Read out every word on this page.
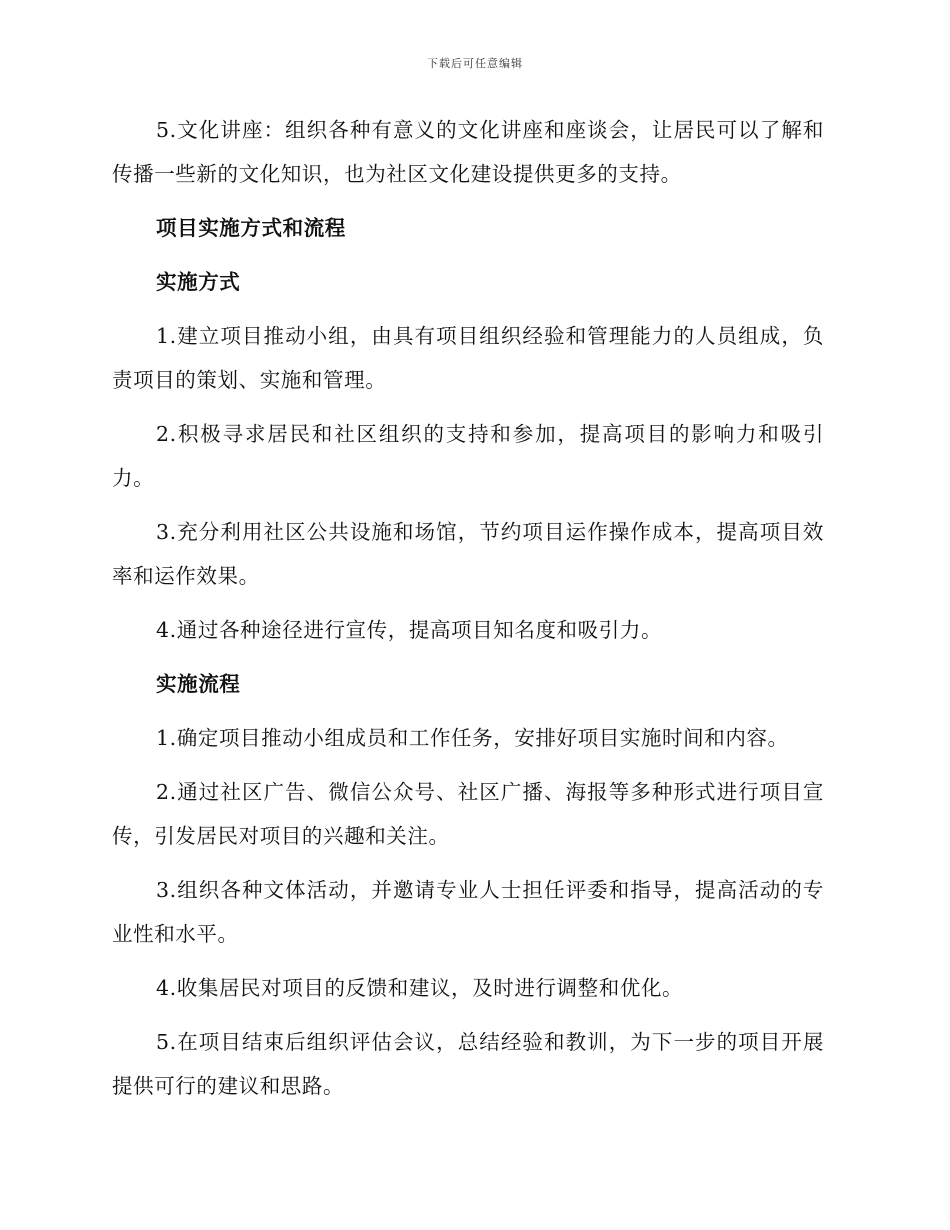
下载后可任意编辑

5.文化讲座：组织各种有意义的文化讲座和座谈会，让居民可以了解和传播一些新的文化知识，也为社区文化建设提供更多的支持。

项目实施方式和流程

实施方式

1.建立项目推动小组，由具有项目组织经验和管理能力的人员组成，负责项目的策划、实施和管理。

2.积极寻求居民和社区组织的支持和参加，提高项目的影响力和吸引力。

3.充分利用社区公共设施和场馆，节约项目运作操作成本，提高项目效率和运作效果。

4.通过各种途径进行宣传，提高项目知名度和吸引力。

实施流程

1.确定项目推动小组成员和工作任务，安排好项目实施时间和内容。

2.通过社区广告、微信公众号、社区广播、海报等多种形式进行项目宣传，引发居民对项目的兴趣和关注。

3.组织各种文体活动，并邀请专业人士担任评委和指导，提高活动的专业性和水平。

4.收集居民对项目的反馈和建议，及时进行调整和优化。

5.在项目结束后组织评估会议，总结经验和教训，为下一步的项目开展提供可行的建议和思路。
